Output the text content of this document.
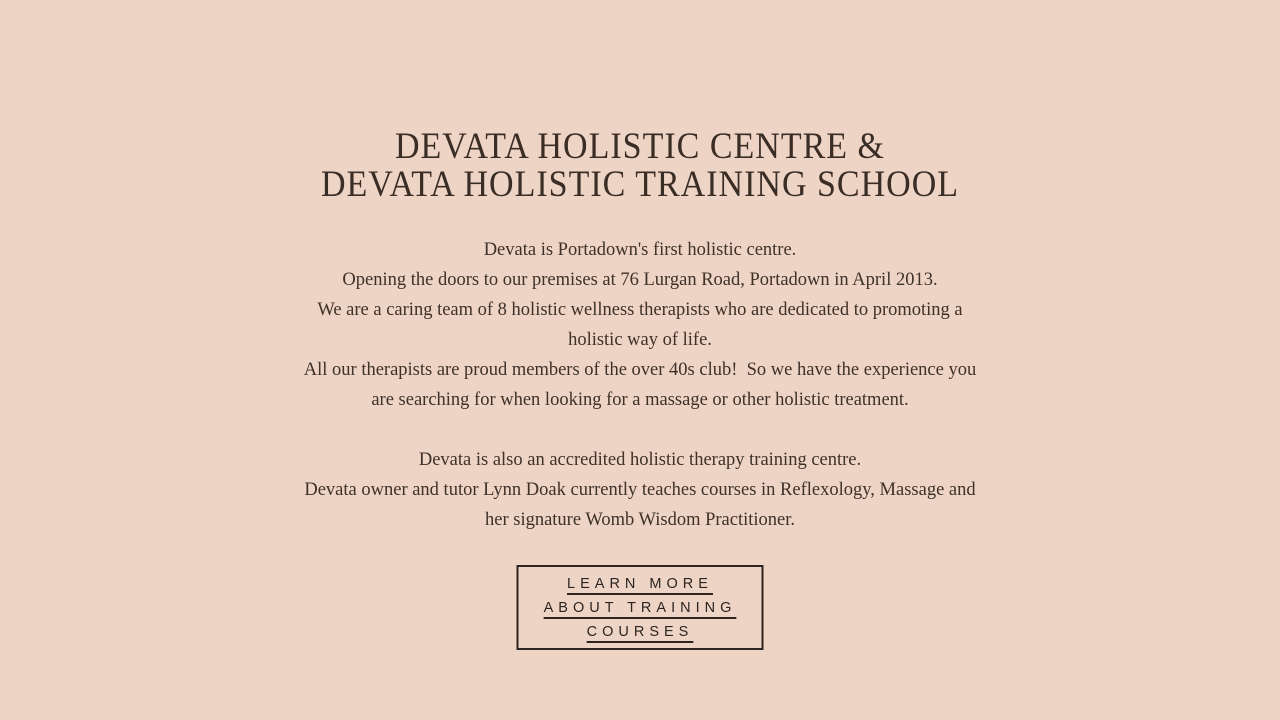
DEVATA HOLISTIC CENTRE &
DEVATA HOLISTIC TRAINING SCHOOL
Devata is Portadown's first holistic centre.
Opening the doors to our premises at 76 Lurgan Road, Portadown in April 2013.
We are a caring team of 8 holistic wellness therapists who are dedicated to promoting a
holistic way of life.
All our therapists are proud members of the over 40s club!  So we have the experience you
are searching for when looking for a massage or other holistic treatment.
Devata is also an accredited holistic therapy training centre.
Devata owner and tutor Lynn Doak currently teaches courses in Reflexology, Massage and
her signature Womb Wisdom Practitioner.
LEARN MORE
ABOUT TRAINING
COURSES
